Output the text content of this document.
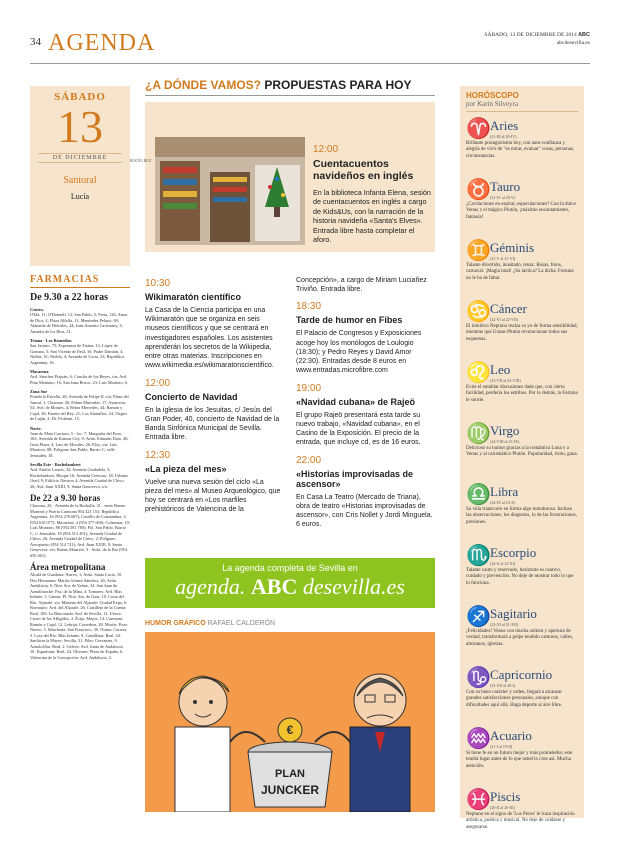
34 AGENDA	SÁBADO, 13 DE DICIEMBRE DE 2014 ABC
abcdesevilla.es
SÁBADO
13
DE DICIEMBRE
Santoral
Lucía
FARMACIAS
De 9.30 a 22 horas
Centro.
O'Ida, 11; O'Donnell, 12; San Pablo, 5; Feria, 126; Amor de Dios, 2; Plaza Alfalfa, 11; Menéndez Pelayo, 69; Alameda de Hércules, 24; Juan Antonio Cavestany, 3; Amador de los Ríos, 31.
Triana - Los Remedios
San Jacinto, 75; Esperanza de Triana, 13; López de Gomara, 5; San Vicente de Paúl, 16; Padre Damián, 4; Niebla, 51; Niebla, 4; Avenida de Coria, 23; República Argentina, 16.
Macarena
Avd. Sánchez Pizjuán, 6; Concha de los Reyes, s/n; Avd. Pino Montano, 16; San Juan Bosco, 23; Luis Montoto, 6.
Zona Sur
Pineda la Estrella, 28; Avenida de Felipe II, s/n; Plaza del Juncal, 1; Chucena, 26; Palma Marcadas, 17; Asunción, 54; Avd. de Montes, 4; Reina Mercedes, 44; Ramón y Cajal, 36; Fuente del Rey, 21; Los Alamillos, 24; Virgen de Luján, 2; Dr. Fedriani, 15.
Norte.
Juan de Mata Carriazo, 5 - loc. 7; Margarita del Pozo, 163; Avenida de Kansas City, 9; Avda. Eduardo Dato, 46; Gran Plaza, 4; Luis de Morales, 26; Eloy, s/n; Luis Montoto, 88; Polígono San Pablo, Barrio C, calle Jerusalén, 18.
Sevilla Este - Rochelambert
Avd. Emilio Lemos, 32; Avenida Ciudadela, 3; Rochelambert, Bloque 16; Avenida Ciencias, 18; Urbano Orad, 9; Edificio Navarra 4; Avenida Ciudad de Chivo, 26; Avd. Juan XXIII, 9; Santa Genoveva, s/n.
De 22 a 9.30 horas
Chucena, 26 · Avenida de la Borbolla, 31 · entre Bueno Monreal y Puerta Carmona 954 421 153; República Argentina, 16 (954 276 687); Castillo de Constantina, 4 (954 610 077); Macarena, 4 (954 377 660); Colmenar, 10; Luis Montoto, 88 (954 581 780); Pol. San Pablo, Barrio C, c/ Jerusalén, 18 (954 513 401); Avenida Ciudad de Chivo, 26; Avenida Ciudad de Chivo, 2; Polígono Aeropuerto (954 514 721); Avd. Juan XXIII, 9; Santa Genoveva, s/n; Bueno Monreal, 3 · Avda. de la Paz (954 650 461).
Área metropolitana
Alcalá de Guadaíra: Nuevo, 1; Avda. Santa Lucía, 10. Dos Hermanas: Matiás Gómez Sánchez, 26; Avda. Andalucía, 6; Ntra. Sra. de Valme, 34. San Juan de Aznalfarache: Pza. de la Mina, 4. Tomares: Avd. Blas Infante, 5. Camas: Pl. Ntra. Sra. de Guía, 10. Coria del Río: Aljarafe, s/n. Mairena del Aljarafe: Ciudad Expo, 6. Bormujos: Avd. del Aljarafe, 26. Castilleja de la Cuesta: Real, 106. La Rinconada: Avd. de Sevilla, 12. Utrera: Cristo de los Afligidos, 2. Écija: Mayor, 14. Carmona: Ramón y Cajal, 12. Lebrija: Corredera, 28. Morón: Pozo Nuevo, 5. Marchena: San Francisco, 30. Osuna: Carrera, 3. Lora del Río: Blas Infante, 8. Cantillana: Real, 44. Sanlúcar la Mayor: Sevilla, 31. Pilas: Cervantes, 9. Aznalcóllar: Real, 2. Gelves: Avd. Junta de Andalucía, 10. Espartinas: Real, 24. Olivares: Plaza de España, 6. Valencina de la Concepción: Avd. Andalucía, 2.
¿A DÓNDE VAMOS? PROPUESTAS PARA HOY
12:00
Cuentacuentos navideños en inglés
En la biblioteca Infanta Elena, sesión de cuentacuentos en inglés a cargo de Kids&Us, con la narración de la historia navideña «Santa's Elves». Entrada libre hasta completar el aforo.
ROCÍO RUZ
10:30
Wikimaratón científico
La Casa de la Ciencia participa en una Wikimaratón que se organiza en seis museos científicos y que se centrará en investigadores españoles. Los asistentes aprenderán los secretos de la Wikipedia, entre otras materias. Inscripciones en www.wikimedia.es/wikimaratonscientifico.
12:00
Concierto de Navidad
En la iglesia de los Jesuitas, c/ Jesús del Gran Poder, 40, concierto de Navidad de la Banda Sinfónica Municipal de Sevilla. Entrada libre.
12:30
«La pieza del mes»
Vuelve una nueva sesión del ciclo «La pieza del mes» al Museo Arqueológico, que hoy se centrará en «Los marfiles prehistóricos de Valencina de la
Concepción», a cargo de Miriam Luciañez Triviño. Entrada libre.
18:30
Tarde de humor en Fibes
El Palacio de Congresos y Exposiciones acoge hoy los monólogos de Loulogio (18:30); y Pedro Reyes y David Amor (22:30). Entradas desde 8 euros en www.entradas.microfibre.com
19:00
«Navidad cubana» de Rajeö
El grupo Rajeö presentará esta tarde su nuevo trabajo, «Navidad cubana», en el Casino de la Exposición. El precio de la entrada, que incluye cd, es de 16 euros.
22:00
«Historias improvisadas de ascensor»
En Casa La Teatro (Mercado de Triana), obra de teatro «Historias improvisadas de ascensor», con Cris Nollet y Jordi Minguela. 6 euros.
La agenda completa de Sevilla en
agenda. ABC desevilla.es
HUMOR GRÁFICO RAFAEL CALDERÓN
€
PLAN
JUNCKER
HORÓSCOPO
por Karin Silveyra
♈ Aries
(21-III al 20-IV)
Brillante protagonismo hoy, con auto-confianza y alegría de vivir de "es mirar, evaluar" cosas, personas, circunstancias.
♉ Tauro
(21-IV al 20-V)
¿Cavilaciones en espiral, especulaciones? Con la dulce Venus y el mágico Plutón, ¡máximo encantamiento, fantasía!
♊ Géminis
(21-V al 21-VI)
Talante divertido, inusitado, tenaz. Rosas, fotos, carnaval. ¡Magia total! ¿Su táctica? La dicha. Fortuna no le ha de faltar.
♋ Cáncer
(22-VI al 22-VII)
El intuitivo Neptuno realza su yo de forma sensibilidad, mientras que Urano-Plutón revolucionan todos sus esquemas.
♌ Leo
(23-VII al 23-VIII)
Evite el entablar discusiones dado que, con cierta facilidad, perdería los estribos. Por lo demás, la Fortuna le sonríe.
♍ Virgo
(24-VIII al 23-IX)
Delicioso su humor gracias a la romántica Luna y a Venus y al carismático Plutón. Popularidad, éxito, gana.
♎ Libra
(24-IX al 23-X)
Su vida transcurre en forma algo tumultuosa. Incluso las observaciones, los disgustos, lo de las frustraciones, presiones.
♏ Escorpio
(24-X al 22-XI)
Talante cauto y reservado, horizonte es cautivo, cuidado y prevención. No deje de mostrar todo lo que lo funciona.
♐ Sagitario
(23-XI al 21-XII)
¡Felicidades! Venus con mucha soltura y apertura de verdad, transformará a golpe tendido caminos, valles, altozanos, iglesias.
♑ Capricornio
(22-XII al 20-I)
Con su buen carácter y orden, llegará a alcanzar grandes satisfacciones personales, aunque con dificultades aquí allá. Haga deporte al aire libre.
♒ Acuario
(21-I al 19-II)
Si tiene fe en un futuro mejor y más prometedor, este tendrá lugar antes de lo que usted lo crea así. Mucha atención.
♓ Piscis
(20-II al 20-III)
Neptuno en el signo de 'Los Peces' le traza inspiración artística, poética y musical. No deje de cuidarse y asegurarse.
